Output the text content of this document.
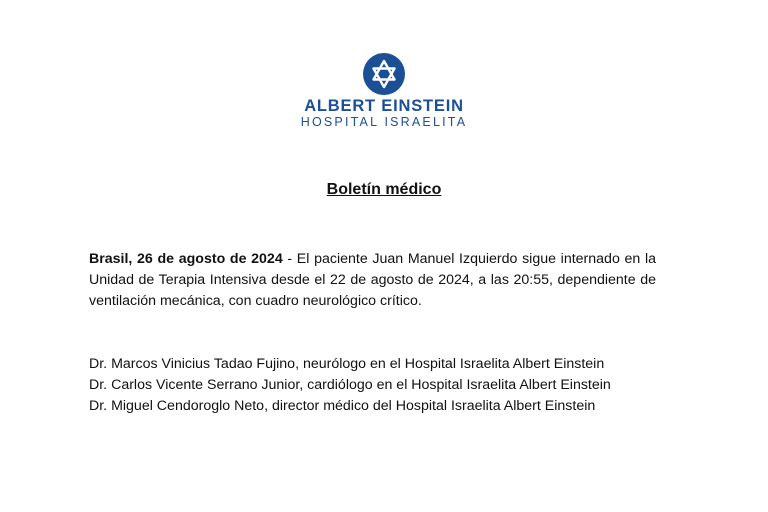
ALBERT EINSTEIN
HOSPITAL ISRAELITA
Boletín médico

Brasil, 26 de agosto de 2024 - El paciente Juan Manuel Izquierdo sigue internado en la Unidad de Terapia Intensiva desde el 22 de agosto de 2024, a las 20:55, dependiente de ventilación mecánica, con cuadro neurológico crítico.

Dr. Marcos Vinicius Tadao Fujino, neurólogo en el Hospital Israelita Albert Einstein
Dr. Carlos Vicente Serrano Junior, cardiólogo en el Hospital Israelita Albert Einstein
Dr. Miguel Cendoroglo Neto, director médico del Hospital Israelita Albert Einstein
